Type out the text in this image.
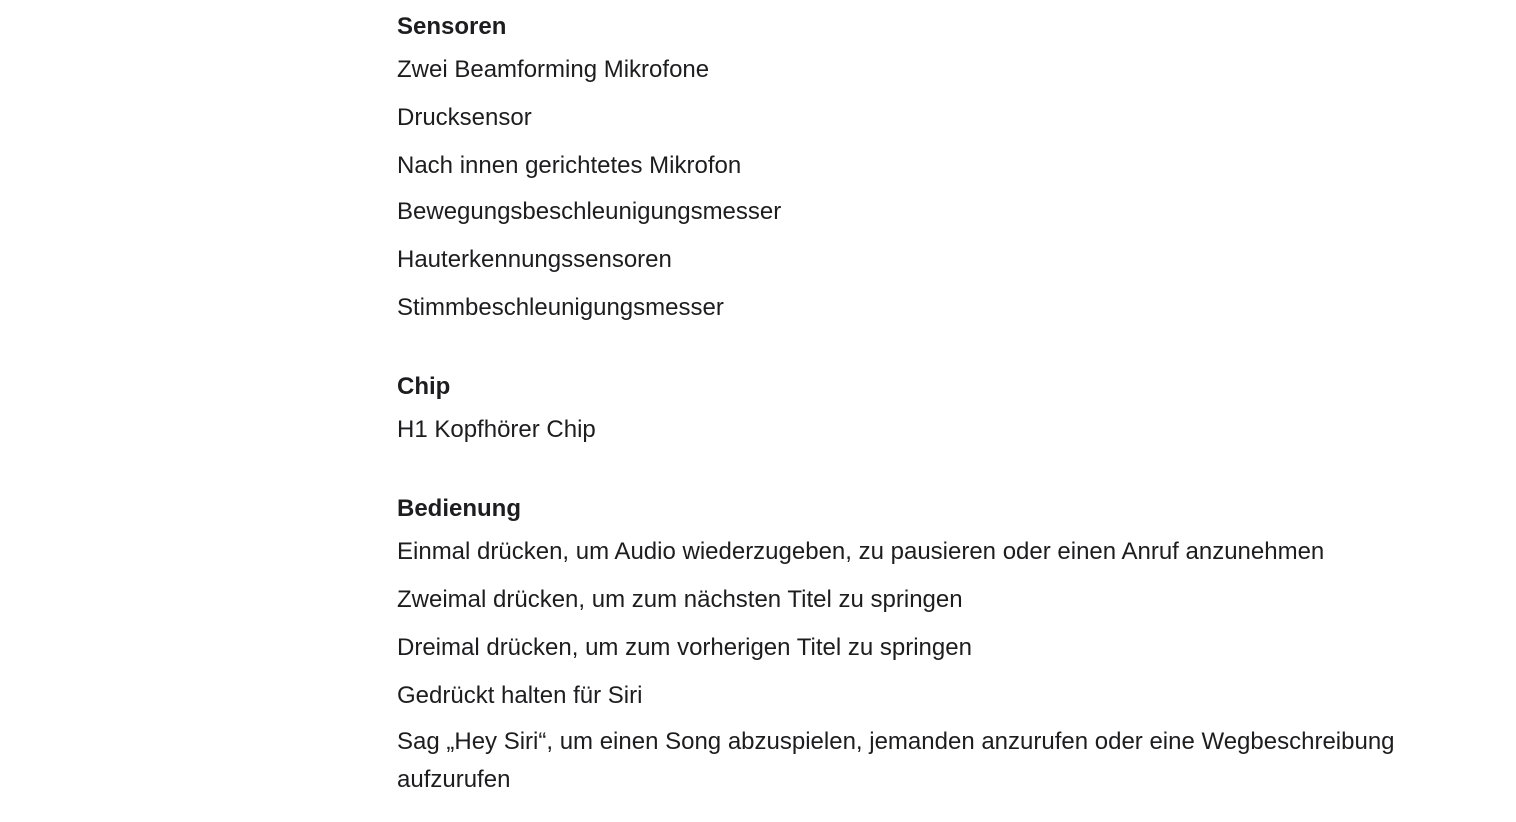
Sensoren
Zwei Beamforming Mikrofone
Drucksensor
Nach innen gerichtetes Mikrofon
Bewegungsbeschleunigungsmesser
Hauterkennungssensoren
Stimmbeschleunigungsmesser
Chip
H1 Kopfhörer Chip
Bedienung
Einmal drücken, um Audio wiederzugeben, zu pausieren oder einen Anruf anzunehmen
Zweimal drücken, um zum nächsten Titel zu springen
Dreimal drücken, um zum vorherigen Titel zu springen
Gedrückt halten für Siri
Sag „Hey Siri“, um einen Song abzuspielen, jemanden anzurufen oder eine Wegbeschreibung aufzurufen
